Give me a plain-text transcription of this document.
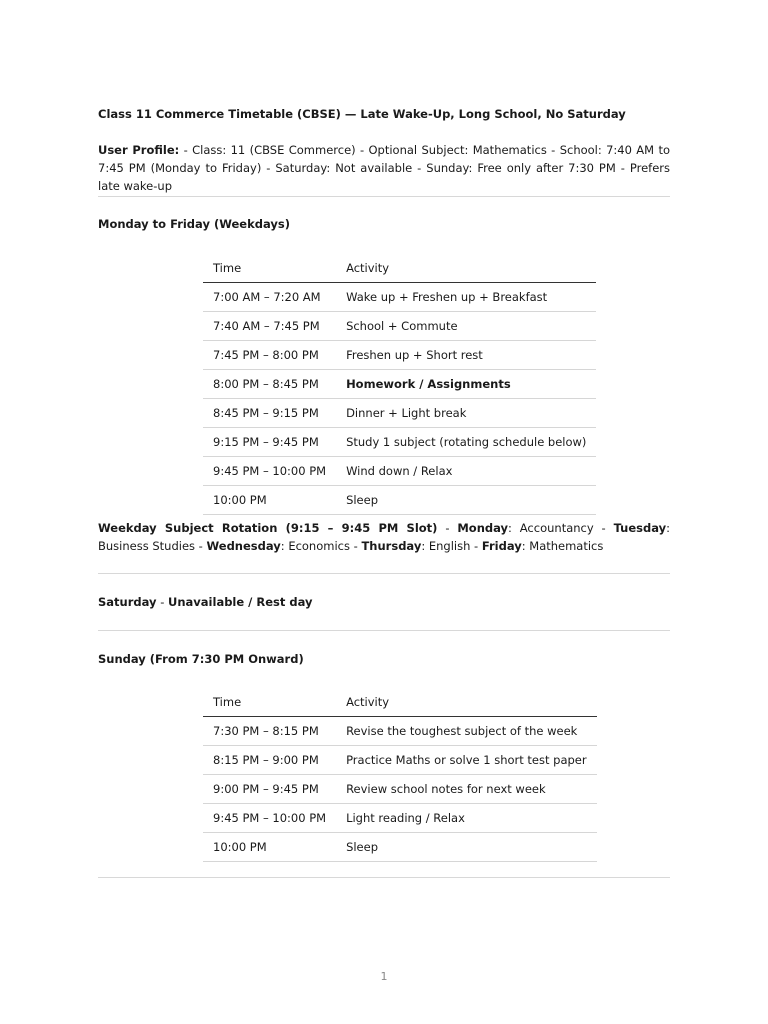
Class 11 Commerce Timetable (CBSE) — Late Wake-Up, Long School, No Saturday
User Profile: - Class: 11 (CBSE Commerce) - Optional Subject: Mathematics - School: 7:40 AM to 7:45 PM (Monday to Friday) - Saturday: Not available - Sunday: Free only after 7:30 PM - Prefers late wake-up
Monday to Friday (Weekdays)
Time	Activity
7:00 AM – 7:20 AM	Wake up + Freshen up + Breakfast
7:40 AM – 7:45 PM	School + Commute
7:45 PM – 8:00 PM	Freshen up + Short rest
8:00 PM – 8:45 PM	Homework / Assignments
8:45 PM – 9:15 PM	Dinner + Light break
9:15 PM – 9:45 PM	Study 1 subject (rotating schedule below)
9:45 PM – 10:00 PM	Wind down / Relax
10:00 PM	Sleep
Weekday Subject Rotation (9:15 – 9:45 PM Slot) - Monday: Accountancy - Tuesday: Business Studies - Wednesday: Economics - Thursday: English - Friday: Mathematics
Saturday - Unavailable / Rest day
Sunday (From 7:30 PM Onward)
Time	Activity
7:30 PM – 8:15 PM	Revise the toughest subject of the week
8:15 PM – 9:00 PM	Practice Maths or solve 1 short test paper
9:00 PM – 9:45 PM	Review school notes for next week
9:45 PM – 10:00 PM	Light reading / Relax
10:00 PM	Sleep
1
